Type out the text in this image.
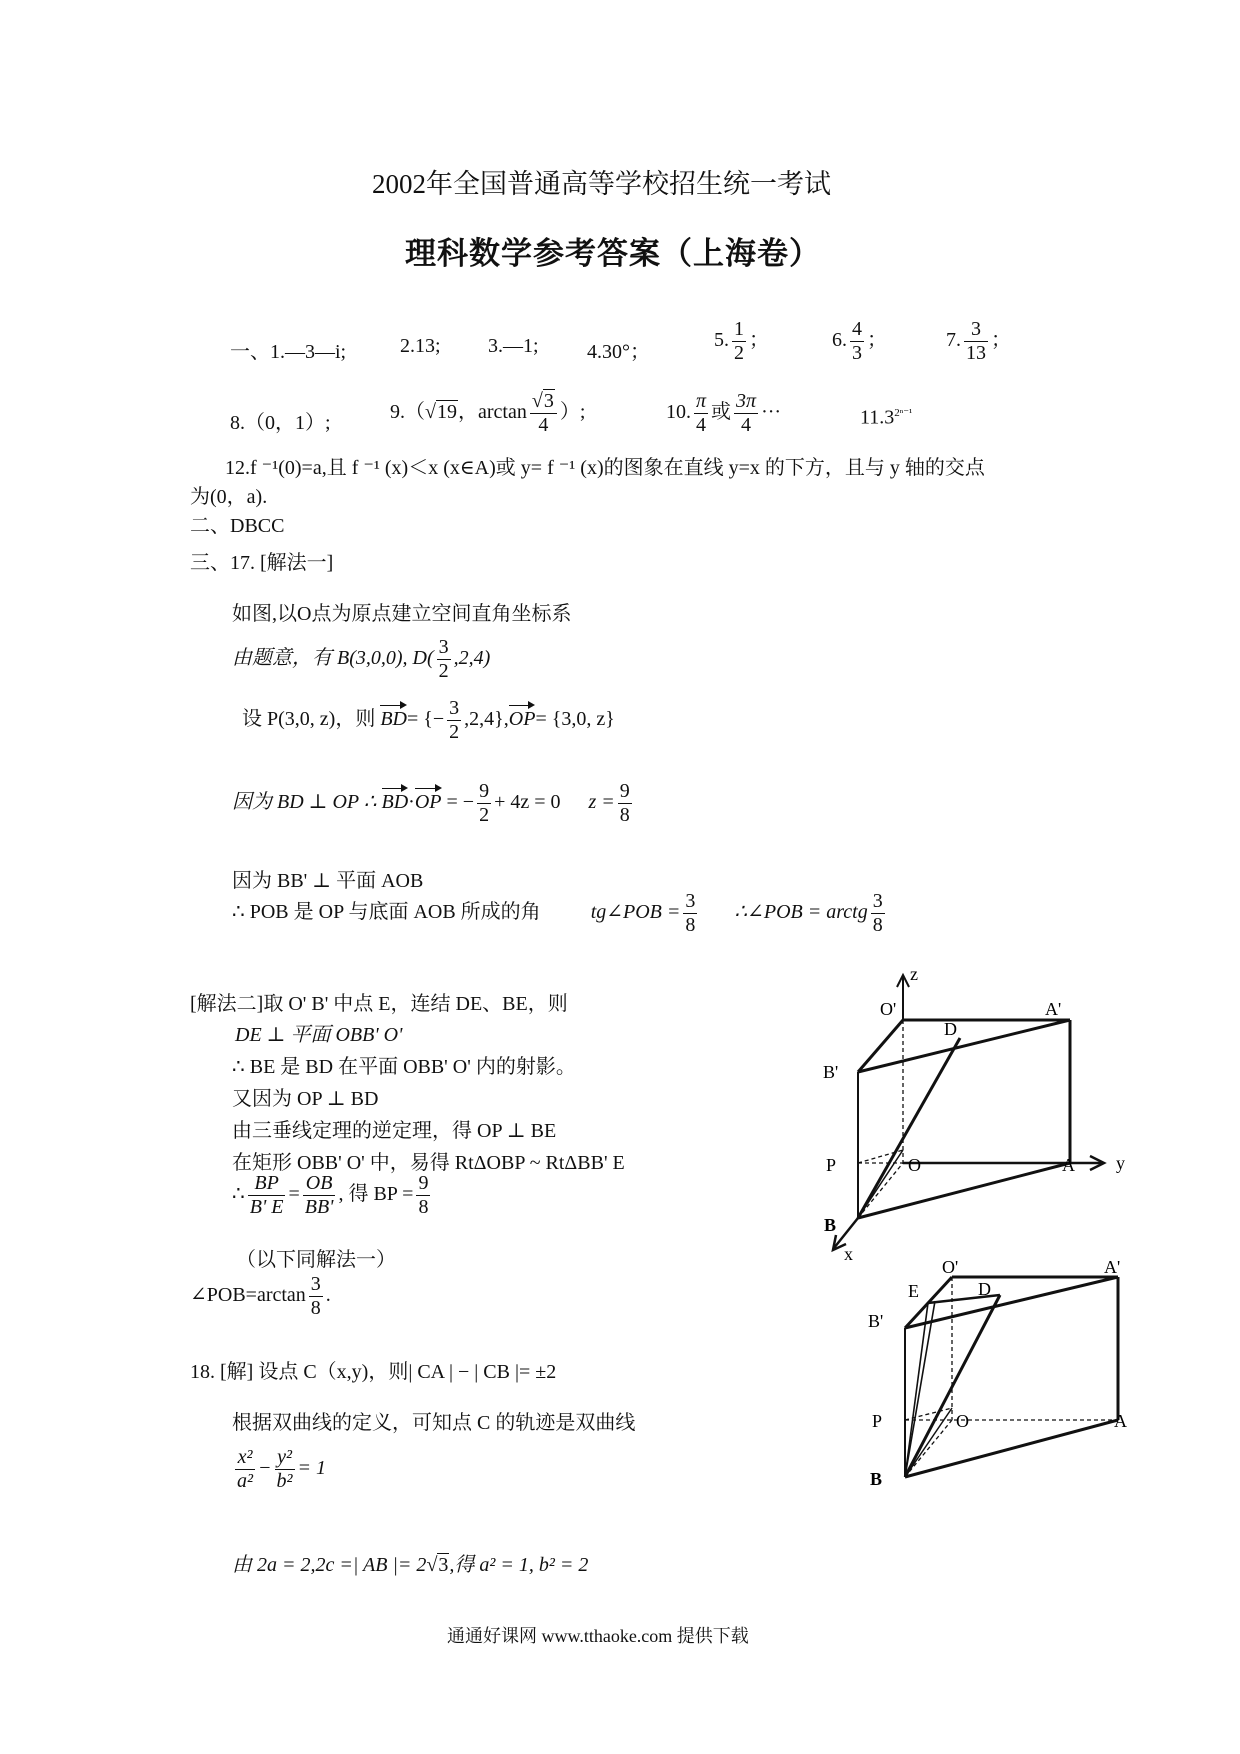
2002年全国普通高等学校招生统一考试
理科数学参考答案（上海卷）
一、1.—3—i;	2.13; 3.—1; 4.30°；
5. $\frac{1}{2}$ ；	6. $\frac{4}{3}$ ；	7. $\frac{3}{13}$ ；
8.（0，1）;	9.（√19，$\arctan \frac{√3}{4}$ ）;	10. $\frac{\pi}{4}$ 或 $\frac{3\pi}{4}$ ···	$11.3^{2^{n-1}}$
12.f ⁻¹(0)=a,且 f ⁻¹ (x)＜x (x∈A)或 y= f ⁻¹ (x)的图象在直线 y=x 的下方，且与 y 轴的交点
为(0，a).
二、DBCC
三、17. [解法一]
如图,以O点为原点建立空间直角坐标系
由题意，有 B(3,0,0), $D( \frac{3}{2} ,2,4)$
设 P(3,0, z)，则 BD= {− $\frac{3}{2} ,2,4\},OP= \{3,0$, z}
因为 BD ⊥ OP ∴ BD·OP = − $\frac{9}{2} + 4z = 0$ $z = \frac{9}{8}$
因为 BB' ⊥ 平面 AOB
∴ POB 是 OP 与底面 AOB 所成的角	tg∠POB = $\frac{3}{8}$ ∴∠POB = arctg $\frac{3}{8}$
[解法二]取 O' B' 中点 E，连结 DE、BE，则
DE ⊥ 平面 OBB' O'
∴ BE 是 BD 在平面 OBB' O' 内的射影。
又因为 OP ⊥ BD
由三垂线定理的逆定理，得 OP ⊥ BE
在矩形 OBB' O' 中，易得 RtΔOBP ~ RtΔBB' E
∴ $\frac{BP}{B' E} = \frac{OB}{BB'}$ , 得 BP = $\frac{9}{8}$
（以下同解法一）
∠POB=arctan $\frac{3}{8}$ .
18. [解] 设点 C（x,y)，则| CA | − | CB |= ±2
根据双曲线的定义，可知点 C 的轨迹是双曲线
$\frac{\text{x²}}{\text{a²}} - \frac{\text{y²}}{\text{b²}} = 1$
由 2a = 2,2c =| AB |= 2√3,得 a² = 1, b² = 2
z
O'	A'
D
B'
P	O	A y
B
x
O'	A'
E	D
B'
P	O	A
B
通通好课网 www.tthaoke.com 提供下载
